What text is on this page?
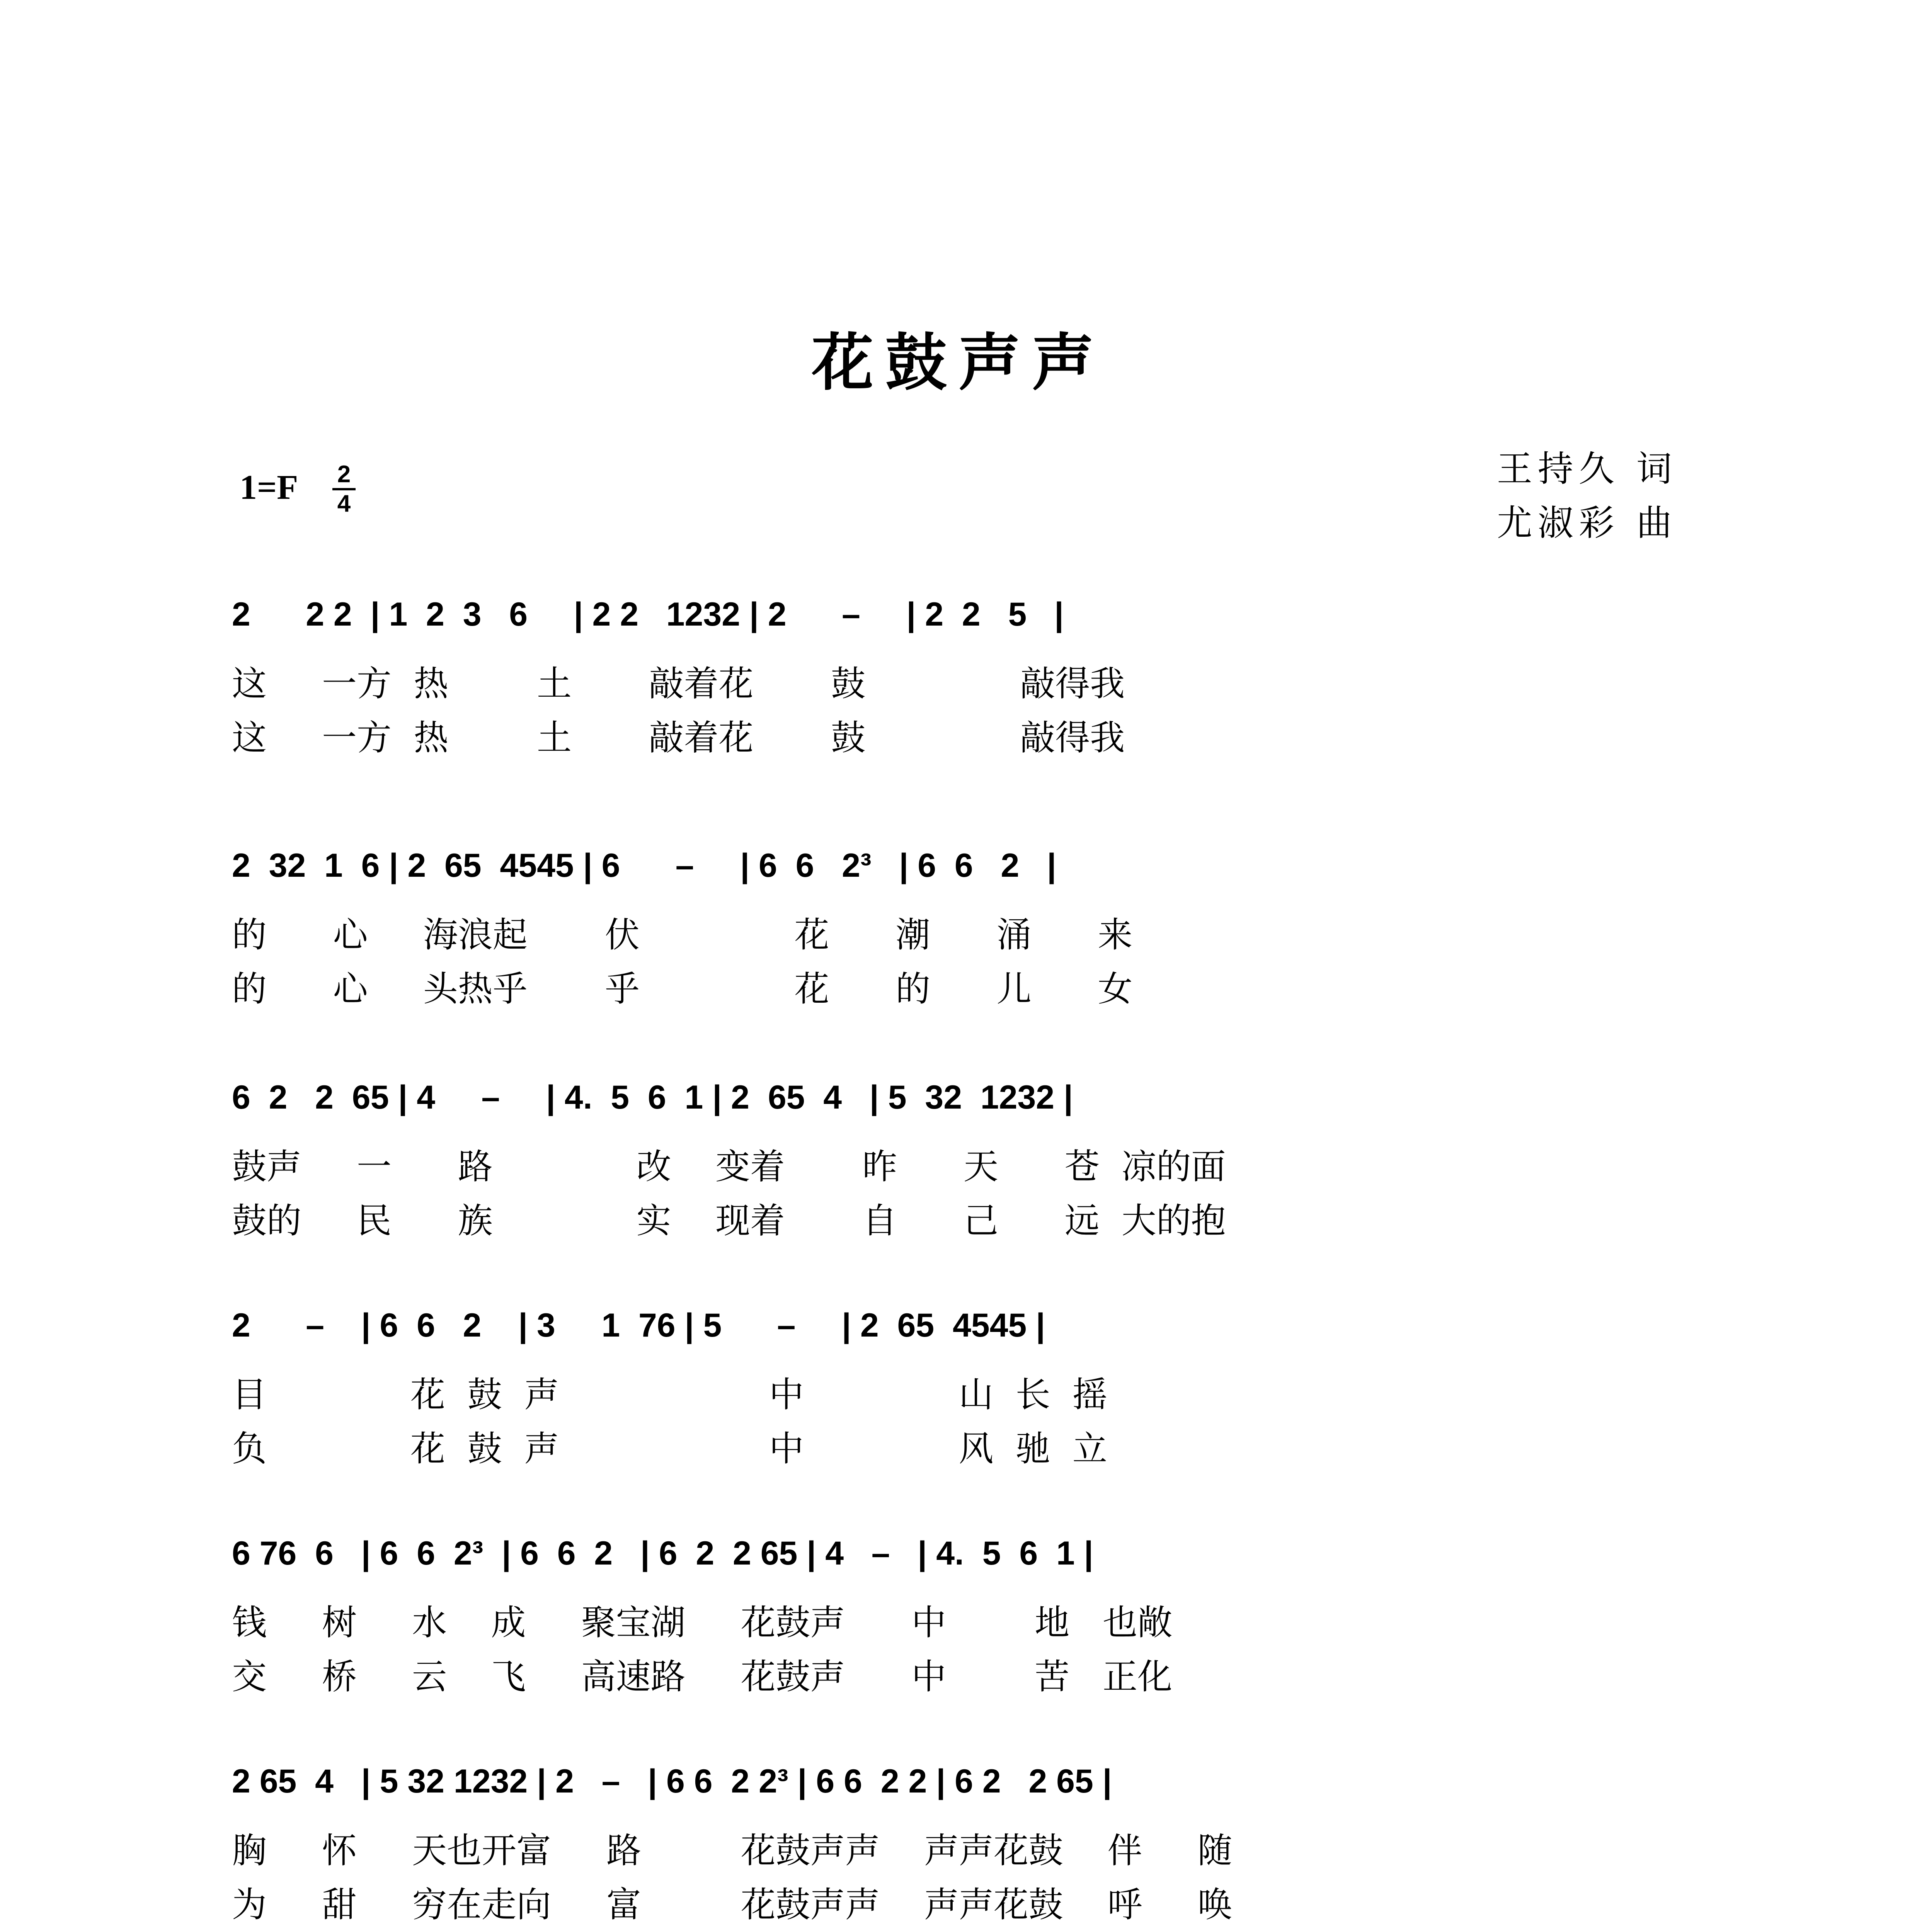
花鼓声声
1=F 2
4
王持久 词
尤淑彩 曲
2      2 2  | 1  2  3   6     | 2 2   1232 | 2      –     | 2  2   5   |
这     一方  热        土       敲着花       鼓              敲得我
这     一方  热        土       敲着花       鼓              敲得我
2  32  1  6 | 2  65  4545 | 6      –     | 6  6   2³   | 6  6   2   |
的      心     海浪起       伏              花      潮      涌      来
的      心     头热乎       乎              花      的      儿      女
6  2   2  65 | 4     –     | 4.  5  6  1 | 2  65  4   | 5  32  1232 |
鼓声     一      路             改    变着       昨      天      苍  凉的面
鼓的     民      族             实    现着       自      己      远  大的抱
2      –    | 6  6   2    | 3     1  76 | 5      –     | 2  65  4545 |
目             花  鼓  声                   中              山  长  摇
负             花  鼓  声                   中              风  驰  立
6 76  6   | 6  6  2³  | 6  6  2   | 6  2  2 65 | 4   –   | 4.  5  6  1 |
钱     树     水    成     聚宝湖     花鼓声      中        地   也敞
交     桥     云    飞     高速路     花鼓声      中        苦   正化
2 65  4   | 5 32 1232 | 2   –   | 6 6  2 2³ | 6 6  2 2 | 6 2   2 65 |
胸     怀     天也开富     路         花鼓声声    声声花鼓    伴     随
为     甜     穷在走向     富         花鼓声声    声声花鼓    呼     唤
